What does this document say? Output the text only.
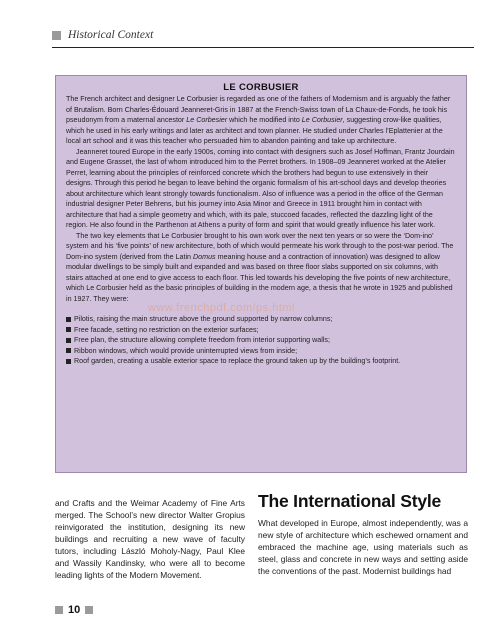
Historical Context
LE CORBUSIER

The French architect and designer Le Corbusier is regarded as one of the fathers of Modernism and is arguably the father of Brutalism. Born Charles-Édouard Jeanneret-Gris in 1887 at the French-Swiss town of La Chaux-de-Fonds, he took his pseudonym from a maternal ancestor Le Corbesier which he modified into Le Corbusier, suggesting crow-like qualities, which he used in his early writings and later as architect and town planner. He studied under Charles l’Eplattenier at the local art school and it was this teacher who persuaded him to abandon painting and take up architecture.

Jeanneret toured Europe in the early 1900s, coming into contact with designers such as Josef Hoffman, Frantz Jourdain and Eugene Grasset, the last of whom introduced him to the Perret brothers. In 1908–09 Jeanneret worked at the Atelier Perret, learning about the principles of reinforced concrete which the brothers had begun to use extensively in their designs. Through this period he began to leave behind the organic formalism of his art-school days and develop theories about architecture which leant strongly towards functionalism. Also of influence was a period in the office of the German industrial designer Peter Behrens, but his journey into Asia Minor and Greece in 1911 brought him in contact with architecture that had a simple geometry and which, with its pale, stuccoed facades, reflected the dazzling light of the region. He also found in the Parthenon at Athens a purity of form and spirit that would greatly influence his later work.

The two key elements that Le Corbusier brought to his own work over the next ten years or so were the ‘Dom-ino’ system and his ‘five points’ of new architecture, both of which would permeate his work through to the post-war period. The Dom-ino system (derived from the Latin Domus meaning house and a contraction of innovation) was designed to allow modular dwellings to be simply built and expanded and was based on three floor slabs supported on six columns, with stairs attached at one end to give access to each floor. This led towards his developing the five points of new architecture, which Le Corbusier held as the basic principles of building in the modern age, a thesis that he wrote in 1925 and published in 1927. They were:

Pilotis, raising the main structure above the ground supported by narrow columns;
Free facade, setting no restriction on the exterior surfaces;
Free plan, the structure allowing complete freedom from interior supporting walls;
Ribbon windows, which would provide uninterrupted views from inside;
Roof garden, creating a usable exterior space to replace the ground taken up by the building’s footprint.
www.frenchpdf.com/ps.html
and Crafts and the Weimar Academy of Fine Arts merged. The School’s new director Walter Gropius reinvigorated the institution, designing its new buildings and recruiting a new wave of faculty tutors, including László Moholy-Nagy, Paul Klee and Wassily Kandinsky, who were all to become leading lights of the Modern Movement.
The International Style

What developed in Europe, almost independently, was a new style of architecture which eschewed ornament and embraced the machine age, using materials such as steel, glass and concrete in new ways and setting aside the conventions of the past. Modernist buildings had

10
